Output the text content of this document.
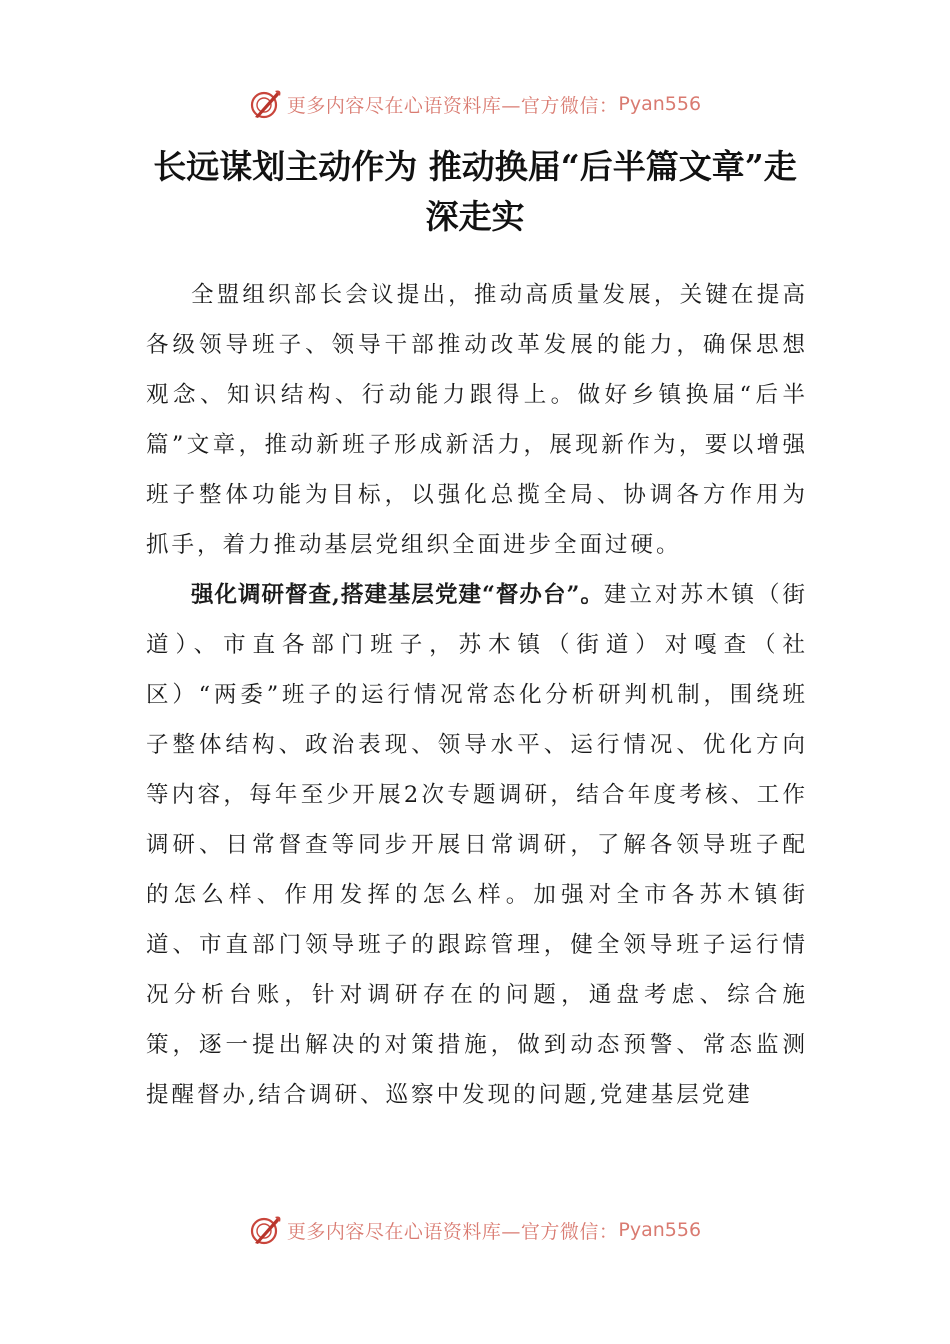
更多内容尽在心语资料库—官方微信： Pyan556
长远谋划主动作为 推动换届“后半篇文章”走深走实

全盟组织部长会议提出，推动高质量发展，关键在提高各级领导班子、领导干部推动改革发展的能力，确保思想观念、知识结构、行动能力跟得上。做好乡镇换届“后半篇”文章，推动新班子形成新活力，展现新作为，要以增强班子整体功能为目标，以强化总揽全局、协调各方作用为抓手，着力推动基层党组织全面进步全面过硬。

强化调研督查,搭建基层党建“督办台”。建立对苏木镇（街道）、市直各部门班子，苏木镇（街道）对嘎查（社区）“两委”班子的运行情况常态化分析研判机制，围绕班子整体结构、政治表现、领导水平、运行情况、优化方向等内容，每年至少开展2次专题调研，结合年度考核、工作调研、日常督查等同步开展日常调研，了解各领导班子配的怎么样、作用发挥的怎么样。加强对全市各苏木镇街道、市直部门领导班子的跟踪管理，健全领导班子运行情况分析台账，针对调研存在的问题，通盘考虑、综合施策，逐一提出解决的对策措施，做到动态预警、常态监测提醒督办,结合调研、巡察中发现的问题,党建基层党建

更多内容尽在心语资料库—官方微信： Pyan556
